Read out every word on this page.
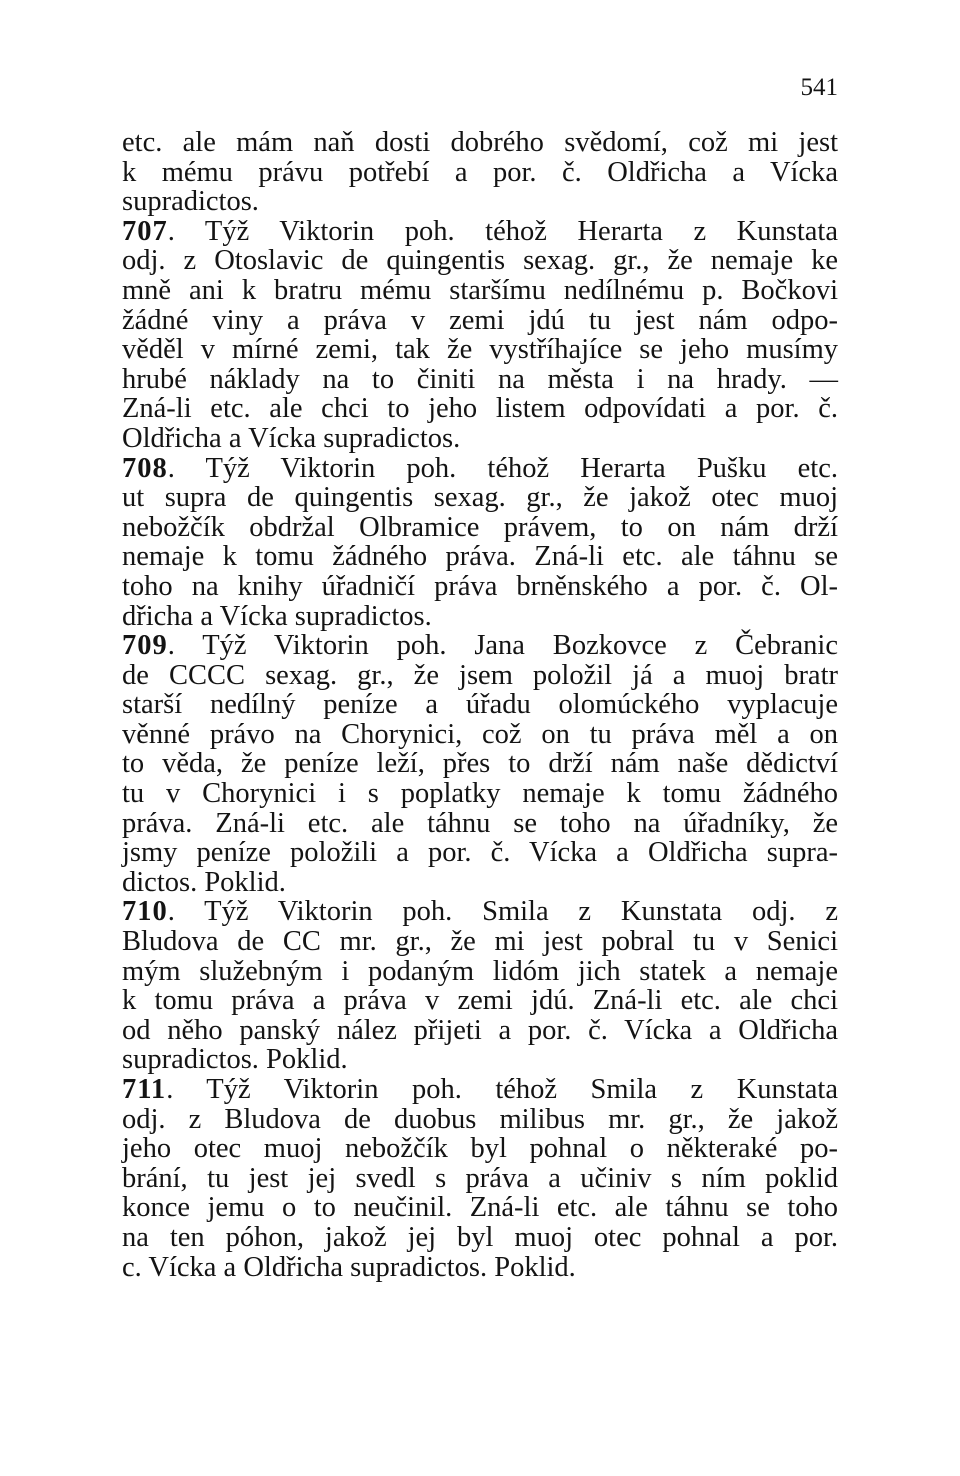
541
etc. ale mám naň dosti dobrého svědomí, což mi jest
k mému právu potřebí a por. č. Oldřicha a Vícka
supradictos.
707. Týž Viktorin poh. téhož Herarta z Kunstata
odj. z Otoslavic de quingentis sexag. gr., že nemaje ke
mně ani k bratru mému staršímu nedílnému p. Bočkovi
žádné viny a práva v zemi jdú tu jest nám odpo-
věděl v mírné zemi, tak že vystříhajíce se jeho musímy
hrubé náklady na to činiti na města i na hrady. —
Zná-li etc. ale chci to jeho listem odpovídati a por. č.
Oldřicha a Vícka supradictos.
708. Týž Viktorin poh. téhož Herarta Pušku etc.
ut supra de quingentis sexag. gr., že jakož otec muoj
nebožčík obdržal Olbramice právem, to on nám drží
nemaje k tomu žádného práva. Zná-li etc. ale táhnu se
toho na knihy úřadničí práva brněnského a por. č. Ol-
dřicha a Vícka supradictos.
709. Týž Viktorin poh. Jana Bozkovce z Čebranic
de CCCC sexag. gr., že jsem položil já a muoj bratr
starší nedílný peníze a úřadu olomúckého vyplacuje
věnné právo na Chorynici, což on tu práva měl a on
to věda, že peníze leží, přes to drží nám naše dědictví
tu v Chorynici i s poplatky nemaje k tomu žádného
práva. Zná-li etc. ale táhnu se toho na úřadníky, že
jsmy peníze položili a por. č. Vícka a Oldřicha supra-
dictos. Poklid.
710. Týž Viktorin poh. Smila z Kunstata odj. z
Bludova de CC mr. gr., že mi jest pobral tu v Senici
mým služebným i podaným lidóm jich statek a nemaje
k tomu práva a práva v zemi jdú. Zná-li etc. ale chci
od něho panský nález přijeti a por. č. Vícka a Oldřicha
supradictos. Poklid.
711. Týž Viktorin poh. téhož Smila z Kunstata
odj. z Bludova de duobus milibus mr. gr., že jakož
jeho otec muoj nebožčík byl pohnal o některaké po-
brání, tu jest jej svedl s práva a učiniv s ním poklid
konce jemu o to neučinil. Zná-li etc. ale táhnu se toho
na ten póhon, jakož jej byl muoj otec pohnal a por.
c. Vícka a Oldřicha supradictos. Poklid.
